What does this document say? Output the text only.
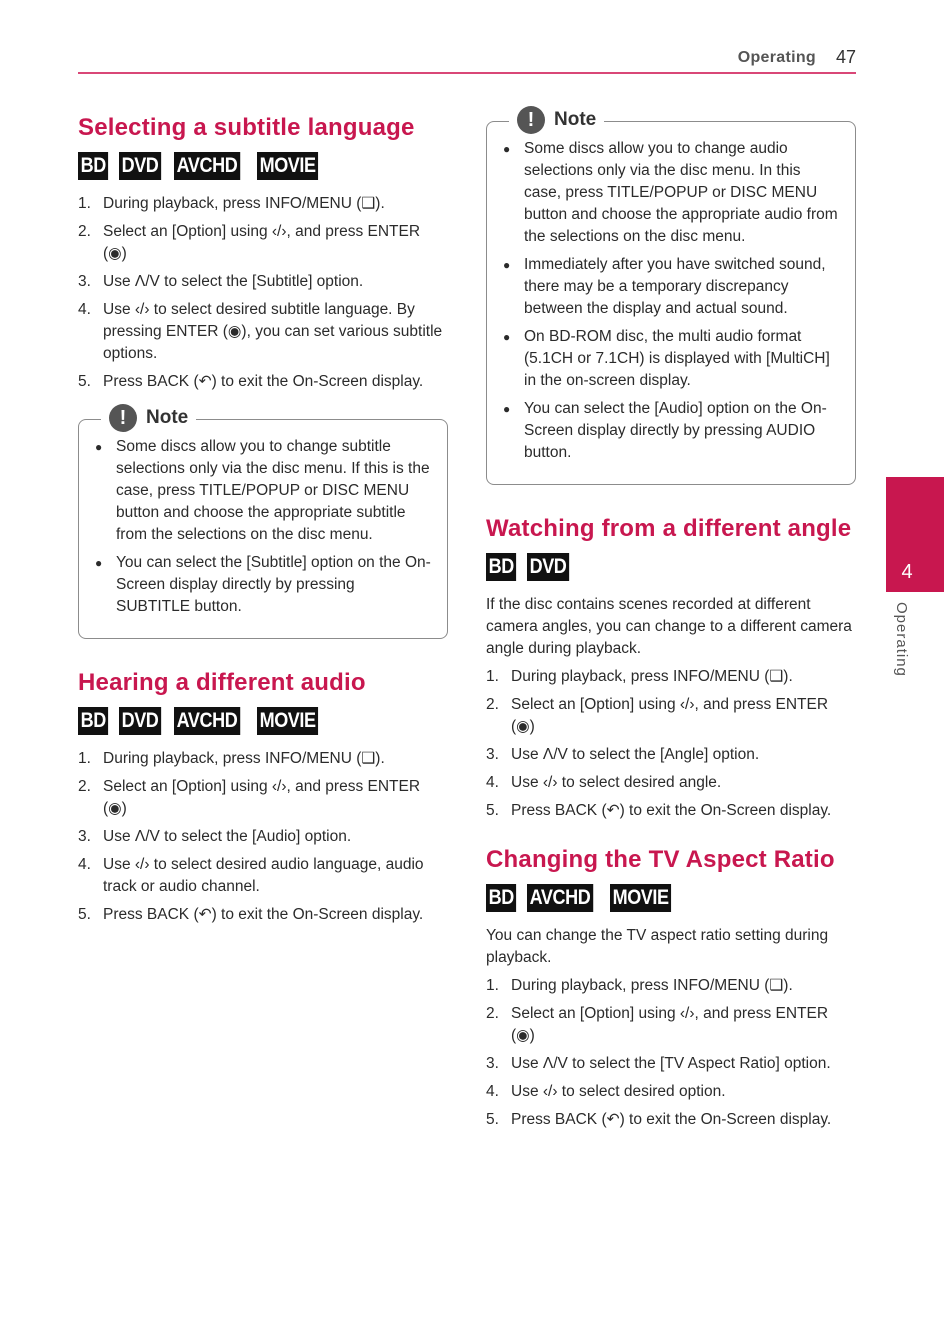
Operating 47
Selecting a subtitle language
BD DVD AVCHD	MOVIE
1. During playback, press INFO/MENU (❑).
2. Select an [Option] using ‹/›, and press ENTER (◉)
3. Use Λ/V to select the [Subtitle] option.
4. Use ‹/› to select desired subtitle language. By pressing ENTER (◉), you can set various subtitle options.
5. Press BACK (↶) to exit the On-Screen display.
!	Note
● Some discs allow you to change subtitle selections only via the disc menu. If this is the case, press TITLE/POPUP or DISC MENU button and choose the appropriate subtitle from the selections on the disc menu.
● You can select the [Subtitle] option on the On-Screen display directly by pressing SUBTITLE button.
Hearing a different audio
BD DVD AVCHD	MOVIE
1. During playback, press INFO/MENU (❑).
2. Select an [Option] using ‹/›, and press ENTER (◉)
3. Use Λ/V to select the [Audio] option.
4. Use ‹/› to select desired audio language, audio track or audio channel.
5. Press BACK (↶) to exit the On-Screen display.
!	Note
● Some discs allow you to change audio selections only via the disc menu. In this case, press TITLE/POPUP or DISC MENU button and choose the appropriate audio from the selections on the disc menu.
● Immediately after you have switched sound, there may be a temporary discrepancy between the display and actual sound.
● On BD-ROM disc, the multi audio format (5.1CH or 7.1CH) is displayed with [MultiCH] in the on-screen display.
● You can select the [Audio] option on the On-Screen display directly by pressing AUDIO button.
Watching from a different angle
BD DVD

If the disc contains scenes recorded at different camera angles, you can change to a different camera angle during playback.

1. During playback, press INFO/MENU (❑).
2. Select an [Option] using ‹/›, and press ENTER (◉)
3. Use Λ/V to select the [Angle] option.
4. Use ‹/› to select desired angle.
5. Press BACK (↶) to exit the On-Screen display.
Changing the TV Aspect Ratio
BD AVCHD	MOVIE

You can change the TV aspect ratio setting during playback.

1. During playback, press INFO/MENU (❑).
2. Select an [Option] using ‹/›, and press ENTER (◉)
3. Use Λ/V to select the [TV Aspect Ratio] option.
4. Use ‹/› to select desired option.
5. Press BACK (↶) to exit the On-Screen display.
4
Operating
